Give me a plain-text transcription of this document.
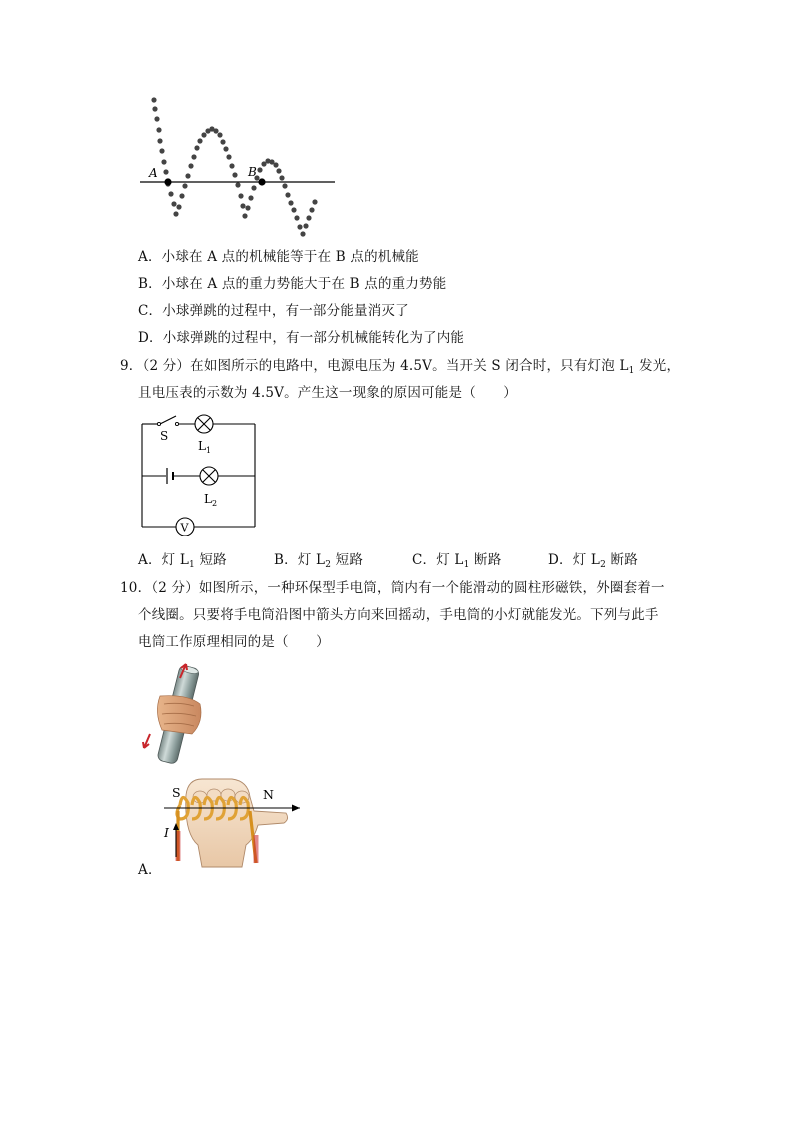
A	B
A．小球在 A 点的机械能等于在 B 点的机械能
B．小球在 A 点的重力势能大于在 B 点的重力势能
C．小球弹跳的过程中，有一部分能量消灭了
D．小球弹跳的过程中，有一部分机械能转化为了内能
9．（2 分）在如图所示的电路中，电源电压为 4.5V。当开关 S 闭合时，只有灯泡 $L_1$ 发光，
且电压表的示数为 4.5V。产生这一现象的原因可能是（　　）
V
S
$L_1$
$L_2$
A．灯 $L_1$ 短路	B．灯 $L_2$ 短路	C．灯 $L_1$ 断路	D．灯 $L_2$ 断路
10．（2 分）如图所示，一种环保型手电筒，筒内有一个能滑动的圆柱形磁铁，外圈套着一
个线圈。只要将手电筒沿图中箭头方向来回摇动，手电筒的小灯就能发光。下列与此手
电筒工作原理相同的是（　　）
S	N
I
A．
